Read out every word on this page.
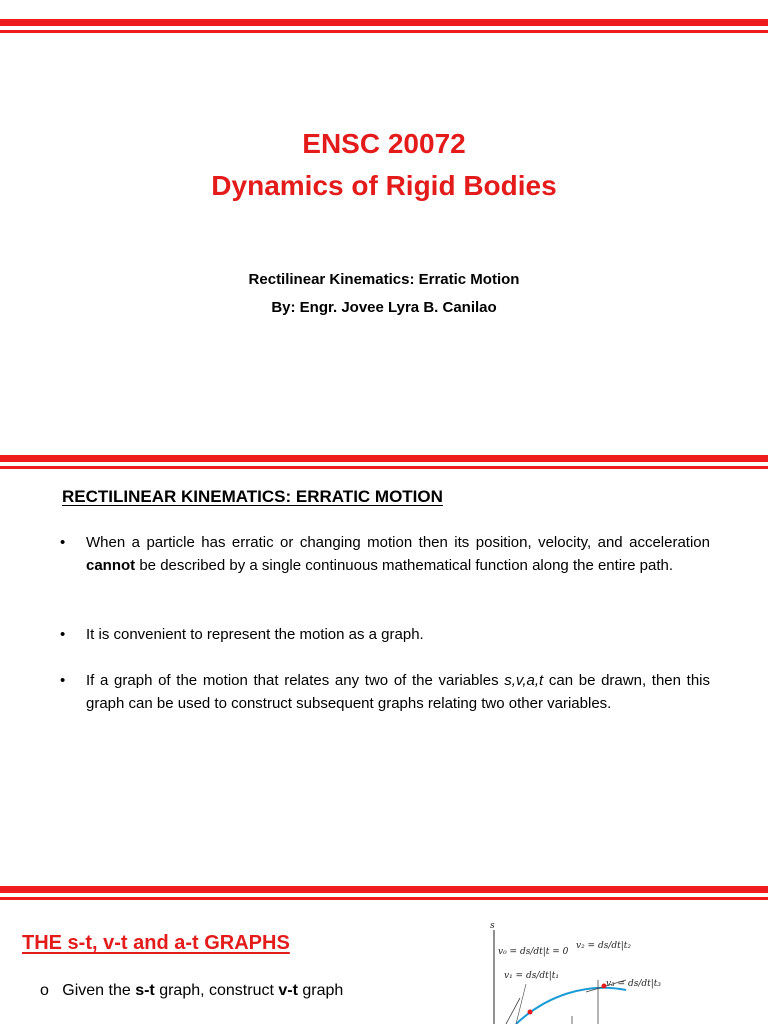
ENSC 20072
Dynamics of Rigid Bodies
Rectilinear Kinematics: Erratic Motion
By: Engr. Jovee Lyra B. Canilao
RECTILINEAR KINEMATICS: ERRATIC MOTION
• When a particle has erratic or changing motion then its position, velocity, and acceleration cannot be described by a single continuous mathematical function along the entire path.
• It is convenient to represent the motion as a graph.
• If a graph of the motion that relates any two of the variables s,v,a,t can be drawn, then this graph can be used to construct subsequent graphs relating two other variables.
THE s-t, v-t and a-t GRAPHS
o Given the s-t graph, construct v-t graph
s
v₀ = ds/dt|t = 0
v₂ = ds/dt|t₂
v₁ = ds/dt|t₁
v₃ = ds/dt|t₃
